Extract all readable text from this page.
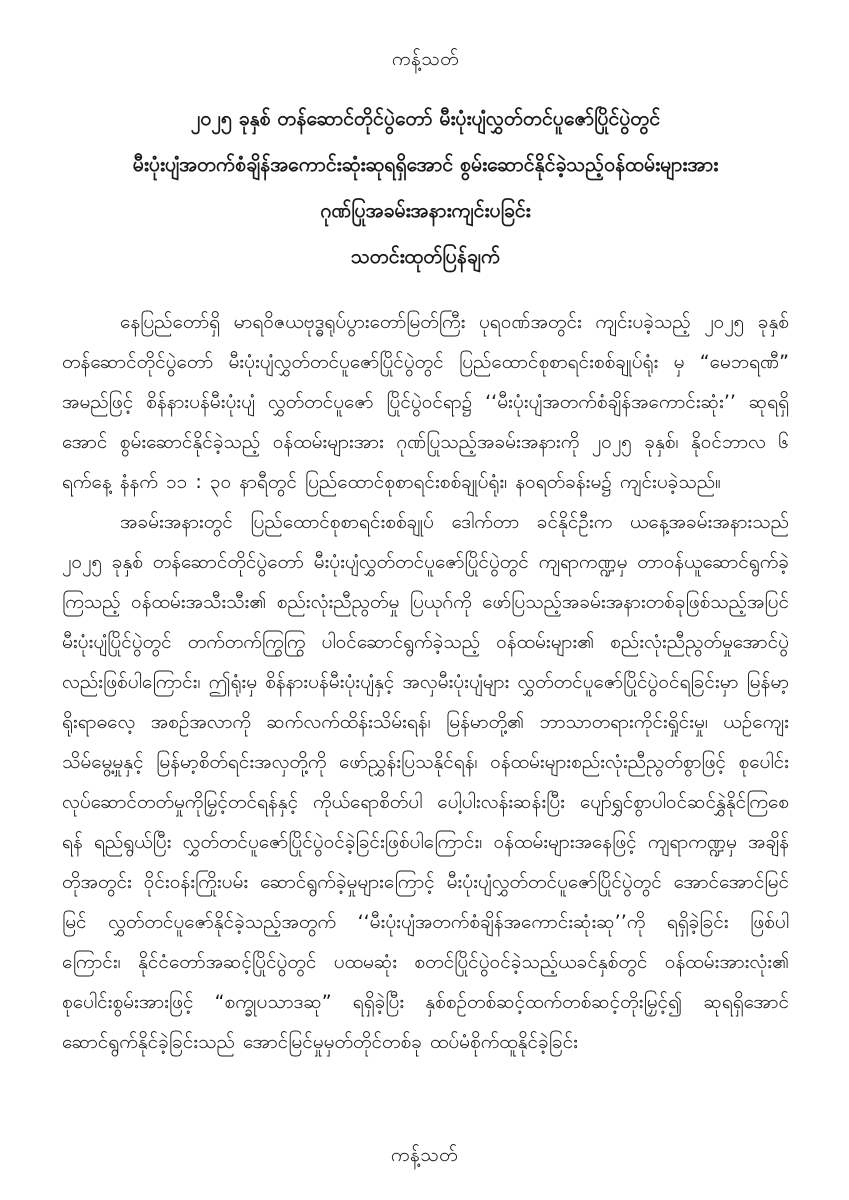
ကန့်သတ်
၂၀၂၅ ခုနှစ် တန်ဆောင်တိုင်ပွဲတော် မီးပုံးပျံလွှတ်တင်ပူဇော်ပြိုင်ပွဲတွင်
မီးပုံးပျံအတက်စံချိန်အကောင်းဆုံးဆုရရှိအောင် စွမ်းဆောင်နိုင်ခဲ့သည့်ဝန်ထမ်းများအား
ဂုဏ်ပြုအခမ်းအနားကျင်းပခြင်း
သတင်းထုတ်ပြန်ချက်

နေပြည်တော်ရှိ မာရဝိဇယဗုဒ္ဓရုပ်ပွားတော်မြတ်ကြီး ပုရဝဏ်အတွင်း ကျင်းပခဲ့သည့် ၂၀၂၅ ခုနှစ် တန်ဆောင်တိုင်ပွဲတော် မီးပုံးပျံလွှတ်တင်ပူဇော်ပြိုင်ပွဲတွင် ပြည်ထောင်စုစာရင်းစစ်ချုပ်ရုံး မှ “မေဘရဏီ” အမည်ဖြင့် စိန်နားပန်မီးပုံးပျံ လွှတ်တင်ပူဇော် ပြိုင်ပွဲဝင်ရာ၌ ‘‘မီးပုံးပျံအတက်စံချိန်အကောင်းဆုံး’’ ဆုရရှိအောင် စွမ်းဆောင်နိုင်ခဲ့သည့် ဝန်ထမ်းများအား ဂုဏ်ပြုသည့်အခမ်းအနားကို ၂၀၂၅ ခုနှစ်၊ နိုဝင်ဘာလ ၆ ရက်နေ့ နံနက် ၁၁ : ၃၀ နာရီတွင် ပြည်ထောင်စုစာရင်းစစ်ချုပ်ရုံး၊ နဝရတ်ခန်းမ၌ ကျင်းပခဲ့သည်။

အခမ်းအနားတွင် ပြည်ထောင်စုစာရင်းစစ်ချုပ် ဒေါက်တာ ခင်နိုင်ဦးက ယနေ့အခမ်းအနားသည် ၂၀၂၅ ခုနှစ် တန်ဆောင်တိုင်ပွဲတော် မီးပုံးပျံလွှတ်တင်ပူဇော်ပြိုင်ပွဲတွင် ကျရာကဏ္ဍမှ တာဝန်ယူဆောင်ရွက်ခဲ့ကြသည့် ဝန်ထမ်းအသီးသီး၏ စည်းလုံးညီညွတ်မှု ပြယုဂ်ကို ဖော်ပြသည့်အခမ်းအနားတစ်ခုဖြစ်သည့်အပြင် မီးပုံးပျံပြိုင်ပွဲတွင် တက်တက်ကြွကြွ ပါဝင်ဆောင်ရွက်ခဲ့သည့် ဝန်ထမ်းများ၏ စည်းလုံးညီညွတ်မှုအောင်ပွဲလည်းဖြစ်ပါကြောင်း၊ ဤရုံးမှ စိန်နားပန်မီးပုံးပျံနှင့် အလှမီးပုံးပျံများ လွှတ်တင်ပူဇော်ပြိုင်ပွဲဝင်ရခြင်းမှာ မြန်မာ့ရိုးရာဓလေ့ အစဉ်အလာကို ဆက်လက်ထိန်းသိမ်းရန်၊ မြန်မာတို့၏ ဘာသာတရားကိုင်းရှိုင်းမှု၊ ယဉ်ကျေးသိမ်မွေ့မှုနှင့် မြန်မာ့စိတ်ရင်းအလှတို့ကို ဖော်ညွှန်းပြသနိုင်ရန်၊ ဝန်ထမ်းများစည်းလုံးညီညွတ်စွာဖြင့် စုပေါင်းလုပ်ဆောင်တတ်မှုကိုမြှင့်တင်ရန်နှင့် ကိုယ်ရောစိတ်ပါ ပေါ့ပါးလန်းဆန်းပြီး ပျော်ရွှင်စွာပါဝင်ဆင်နွှဲနိုင်ကြစေရန် ရည်ရွယ်ပြီး လွှတ်တင်ပူဇော်ပြိုင်ပွဲဝင်ခဲ့ခြင်းဖြစ်ပါကြောင်း၊ ဝန်ထမ်းများအနေဖြင့် ကျရာကဏ္ဍမှ အချိန်တိုအတွင်း ဝိုင်းဝန်းကြိုးပမ်း ဆောင်ရွက်ခဲ့မှုများကြောင့် မီးပုံးပျံလွှတ်တင်ပူဇော်ပြိုင်ပွဲတွင် အောင်အောင်မြင်မြင် လွှတ်တင်ပူဇော်နိုင်ခဲ့သည့်အတွက် ‘‘မီးပုံးပျံအတက်စံချိန်အကောင်းဆုံးဆု’’ကို ရရှိခဲ့ခြင်း ဖြစ်ပါကြောင်း၊ နိုင်ငံတော်အဆင့်ပြိုင်ပွဲတွင် ပထမဆုံး စတင်ပြိုင်ပွဲဝင်ခဲ့သည့်ယခင်နှစ်တွင် ဝန်ထမ်းအားလုံး၏ စုပေါင်းစွမ်းအားဖြင့် “စက္ခုပသာဒဆု” ရရှိခဲ့ပြီး နှစ်စဉ်တစ်ဆင့်ထက်တစ်ဆင့်တိုးမြှင့်၍ ဆုရရှိအောင်ဆောင်ရွက်နိုင်ခဲ့ခြင်းသည် အောင်မြင်မှုမှတ်တိုင်တစ်ခု ထပ်မံစိုက်ထူနိုင်ခဲ့ခြင်း

ကန့်သတ်
